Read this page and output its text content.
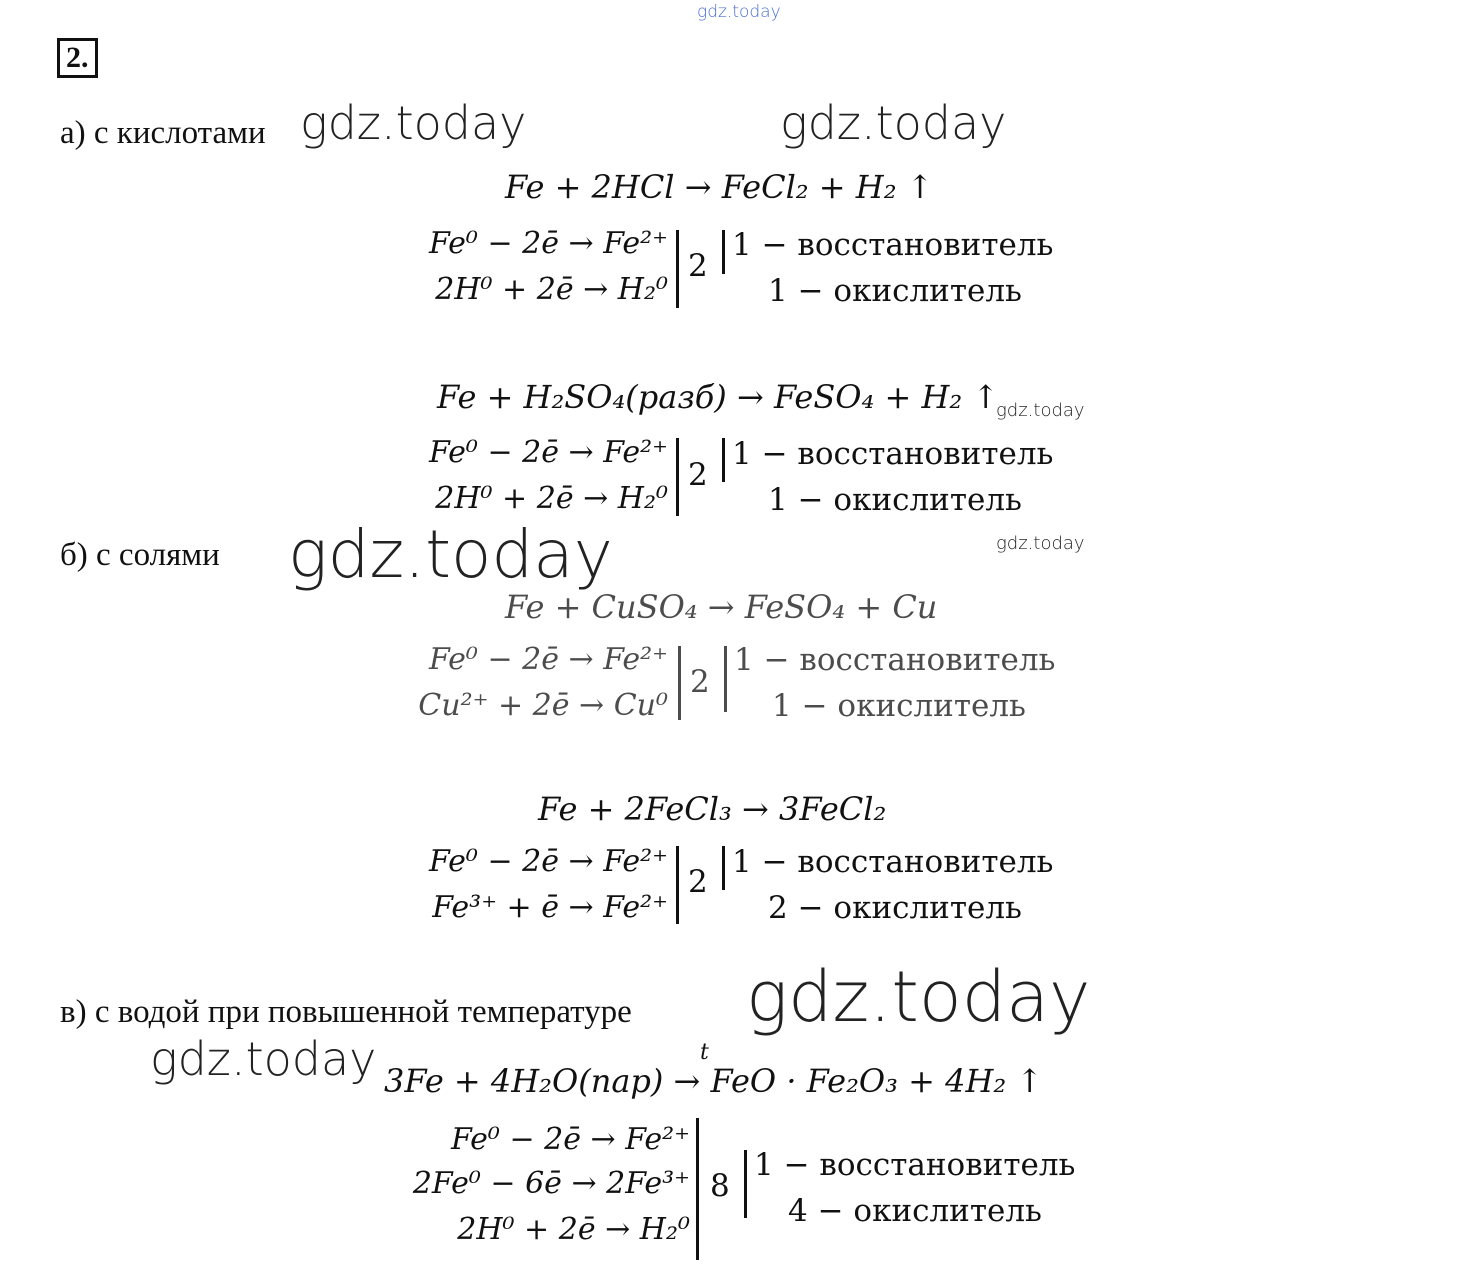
gdz.today
2.
а) с кислотами gdz.today	gdz.today
Fe + 2HCl → FeCl₂ + H₂ ↑
Fe⁰ − 2ē → Fe²⁺
2H⁰ + 2ē → H₂⁰
2
1 − восстановитель
1 − окислитель
Fe + H₂SO₄(разб) → FeSO₄ + H₂ ↑
gdz.today
Fe⁰ − 2ē → Fe²⁺
2H⁰ + 2ē → H₂⁰
2
1 − восстановитель
1 − окислитель
б) с солями gdz.today	gdz.today
Fe + CuSO₄ → FeSO₄ + Cu
Fe⁰ − 2ē → Fe²⁺
Cu²⁺ + 2ē → Cu⁰
2
1 − восстановитель
1 − окислитель
Fe + 2FeCl₃ → 3FeCl₂
Fe⁰ − 2ē → Fe²⁺
Fe³⁺ + ē → Fe²⁺
2
1 − восстановитель
2 − окислитель
в) с водой при повышенной температуре gdz.today
gdz.today	t
3Fe + 4H₂O(пар) → FeO · Fe₂O₃ + 4H₂ ↑
Fe⁰ − 2ē → Fe²⁺
2Fe⁰ − 6ē → 2Fe³⁺
2H⁰ + 2ē → H₂⁰
8
1 − восстановитель
4 − окислитель
